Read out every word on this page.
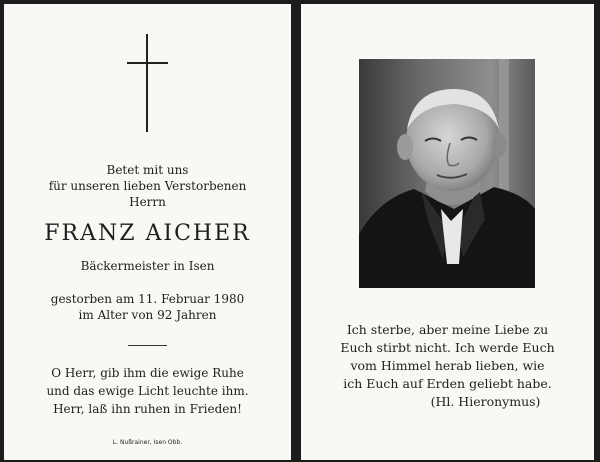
Betet mit uns
für unseren lieben Verstorbenen
Herrn
FRANZ AICHER
Bäckermeister in Isen
gestorben am 11. Februar 1980
im Alter von 92 Jahren
O Herr, gib ihm die ewige Ruhe
und das ewige Licht leuchte ihm.
Herr, laß ihn ruhen in Frieden!
L. Nußrainer, Isen Obb.
Ich sterbe, aber meine Liebe zu
Euch stirbt nicht. Ich werde Euch
vom Himmel herab lieben, wie
ich Euch auf Erden geliebt habe.
(Hl. Hieronymus)
